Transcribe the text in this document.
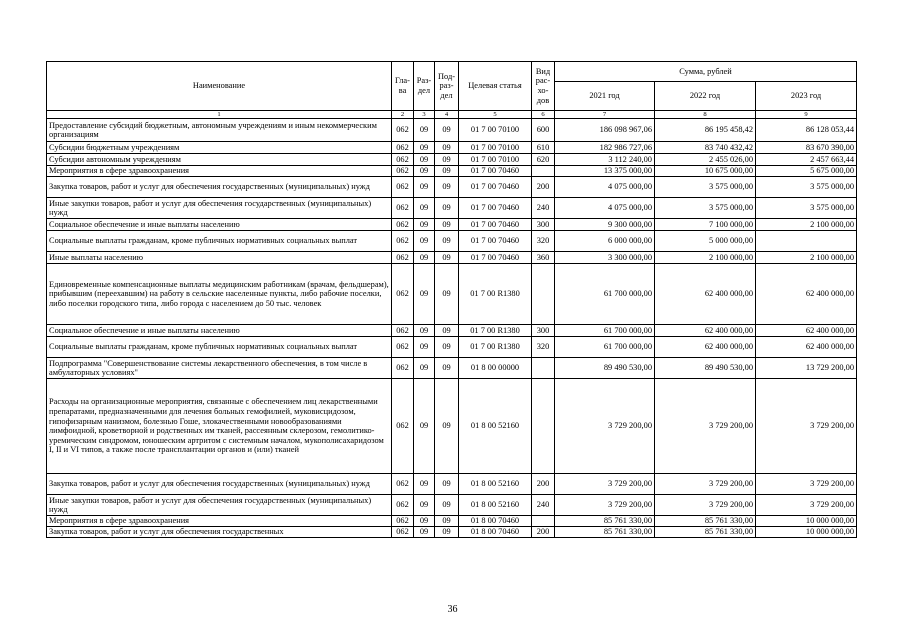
Наименование	Гла-ва	Раз-дел	Под-раз-дел	Целевая статья	Вид рас-хо-дов	Сумма, рублей		
						2021 год	2022 год	2023 год
1	2	3	4	5	6	7	8	9
Предоставление субсидий бюджетным, автономным учреждениям и иным некоммерческим организациям	062	09	09	01 7 00 70100	600	186 098 967,06	86 195 458,42	86 128 053,44
Субсидии бюджетным учреждениям	062	09	09	01 7 00 70100	610	182 986 727,06	83 740 432,42	83 670 390,00
Субсидии автономным учреждениям	062	09	09	01 7 00 70100	620	3 112 240,00	2 455 026,00	2 457 663,44
Мероприятия в сфере здравоохранения	062	09	09	01 7 00 70460		13 375 000,00	10 675 000,00	5 675 000,00
Закупка товаров, работ и услуг для обеспечения государственных (муниципальных) нужд	062	09	09	01 7 00 70460	200	4 075 000,00	3 575 000,00	3 575 000,00
Иные закупки товаров, работ и услуг для обеспечения государственных (муниципальных) нужд	062	09	09	01 7 00 70460	240	4 075 000,00	3 575 000,00	3 575 000,00
Социальное обеспечение и иные выплаты населению	062	09	09	01 7 00 70460	300	9 300 000,00	7 100 000,00	2 100 000,00
Социальные выплаты гражданам, кроме публичных нормативных социальных выплат	062	09	09	01 7 00 70460	320	6 000 000,00	5 000 000,00	
Иные выплаты населению	062	09	09	01 7 00 70460	360	3 300 000,00	2 100 000,00	2 100 000,00
Единовременные компенсационные выплаты медицинским работникам (врачам, фельдшерам), прибывшим (переехавшим) на работу в сельские населенные пункты, либо рабочие поселки, либо поселки городского типа, либо города с населением до 50 тыс. человек	062	09	09	01 7 00 R1380		61 700 000,00	62 400 000,00	62 400 000,00
Социальное обеспечение и иные выплаты населению	062	09	09	01 7 00 R1380	300	61 700 000,00	62 400 000,00	62 400 000,00
Социальные выплаты гражданам, кроме публичных нормативных социальных выплат	062	09	09	01 7 00 R1380	320	61 700 000,00	62 400 000,00	62 400 000,00
Подпрограмма "Совершенствование системы лекарственного обеспечения, в том числе в амбулаторных условиях"	062	09	09	01 8 00 00000		89 490 530,00	89 490 530,00	13 729 200,00
Расходы на организационные мероприятия, связанные с обеспечением лиц лекарственными препаратами, предназначенными для лечения больных гемофилией, муковисцидозом, гипофизарным нанизмом, болезнью Гоше, злокачественными новообразованиями лимфоидной, кроветворной и родственных им тканей, рассеянным склерозом, гемолитико-уремическим синдромом, юношеским артритом с системным началом, мукополисахаридозом I, II и VI типов, а также после трансплантации органов и (или) тканей	062	09	09	01 8 00 52160		3 729 200,00	3 729 200,00	3 729 200,00
Закупка товаров, работ и услуг для обеспечения государственных (муниципальных) нужд	062	09	09	01 8 00 52160	200	3 729 200,00	3 729 200,00	3 729 200,00
Иные закупки товаров, работ и услуг для обеспечения государственных (муниципальных) нужд	062	09	09	01 8 00 52160	240	3 729 200,00	3 729 200,00	3 729 200,00
Мероприятия в сфере здравоохранения	062	09	09	01 8 00 70460		85 761 330,00	85 761 330,00	10 000 000,00
Закупка товаров, работ и услуг для обеспечения государственных	062	09	09	01 8 00 70460	200	85 761 330,00	85 761 330,00	10 000 000,00
36
